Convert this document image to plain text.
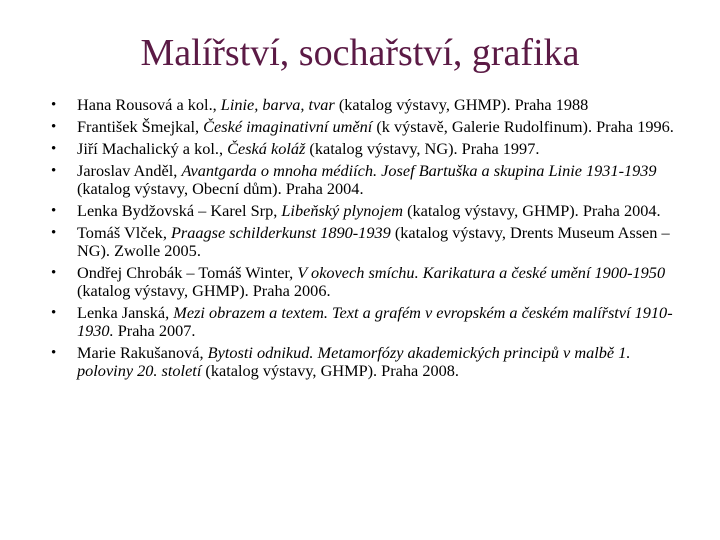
Malířství, sochařství, grafika
• Hana Rousová a kol., Linie, barva, tvar (katalog výstavy, GHMP). Praha 1988
• František Šmejkal, České imaginativní umění (k výstavě, Galerie Rudolfinum). Praha 1996.
• Jiří Machalický a kol., Česká koláž (katalog výstavy, NG). Praha 1997.
• Jaroslav Anděl, Avantgarda o mnoha médiích. Josef Bartuška a skupina Linie 1931-1939 (katalog výstavy, Obecní dům). Praha 2004.
• Lenka Bydžovská – Karel Srp, Libeňský plynojem (katalog výstavy, GHMP). Praha 2004.
• Tomáš Vlček, Praagse schilderkunst 1890-1939 (katalog výstavy, Drents Museum Assen – NG). Zwolle 2005.
• Ondřej Chrobák – Tomáš Winter, V okovech smíchu. Karikatura a české umění 1900-1950 (katalog výstavy, GHMP). Praha 2006.
• Lenka Janská, Mezi obrazem a textem. Text a grafém v evropském a českém malířství 1910-1930. Praha 2007.
• Marie Rakušanová, Bytosti odnikud. Metamorfózy akademických principů v malbě 1. poloviny 20. století (katalog výstavy, GHMP). Praha 2008.
